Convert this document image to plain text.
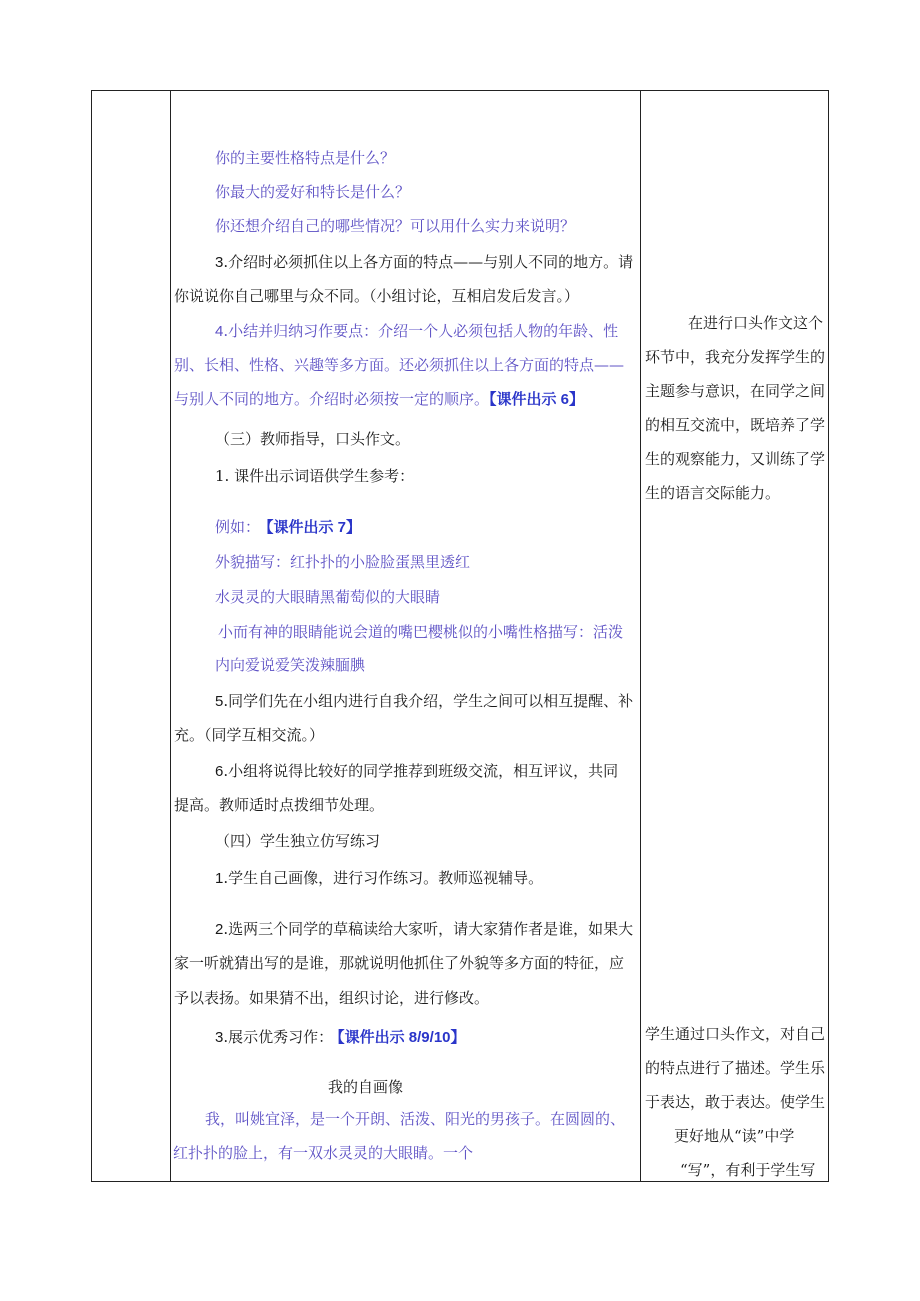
你的主要性格特点是什么？
你最大的爱好和特长是什么？
你还想介绍自己的哪些情况？可以用什么实力来说明？
3.介绍时必须抓住以上各方面的特点——与别人不同的地方。请
你说说你自己哪里与众不同。（小组讨论，互相启发后发言。）
4.小结并归纳习作要点：介绍一个人必须包括人物的年龄、性
别、长相、性格、兴趣等多方面。还必须抓住以上各方面的特点——
与别人不同的地方。介绍时必须按一定的顺序。【课件出示 6】
（三）教师指导，口头作文。
1. 课件出示词语供学生参考：
例如： 【课件出示 7】
外貌描写：红扑扑的小脸脸蛋黑里透红
水灵灵的大眼睛黑葡萄似的大眼睛
小而有神的眼睛能说会道的嘴巴樱桃似的小嘴性格描写：活泼
内向爱说爱笑泼辣腼腆
5.同学们先在小组内进行自我介绍，学生之间可以相互提醒、补
充。（同学互相交流。）
6.小组将说得比较好的同学推荐到班级交流，相互评议，共同
提高。教师适时点拨细节处理。
（四）学生独立仿写练习
1.学生自己画像，进行习作练习。教师巡视辅导。
2.选两三个同学的草稿读给大家听，请大家猜作者是谁，如果大
家一听就猜出写的是谁，那就说明他抓住了外貌等多方面的特征，应
予以表扬。如果猜不出，组织讨论，进行修改。
3.展示优秀习作： 【课件出示 8/9/10】
我的自画像
我，叫姚宜泽，是一个开朗、活泼、阳光的男孩子。在圆圆的、
红扑扑的脸上，有一双水灵灵的大眼睛。一个
在进行口头作文这个
环节中，我充分发挥学生的
主题参与意识，在同学之间
的相互交流中，既培养了学
生的观察能力，又训练了学
生的语言交际能力。
学生通过口头作文，对自己
的特点进行了描述。学生乐
于表达，敢于表达。使学生
更好地从“读”中学
“写”，有利于学生写
